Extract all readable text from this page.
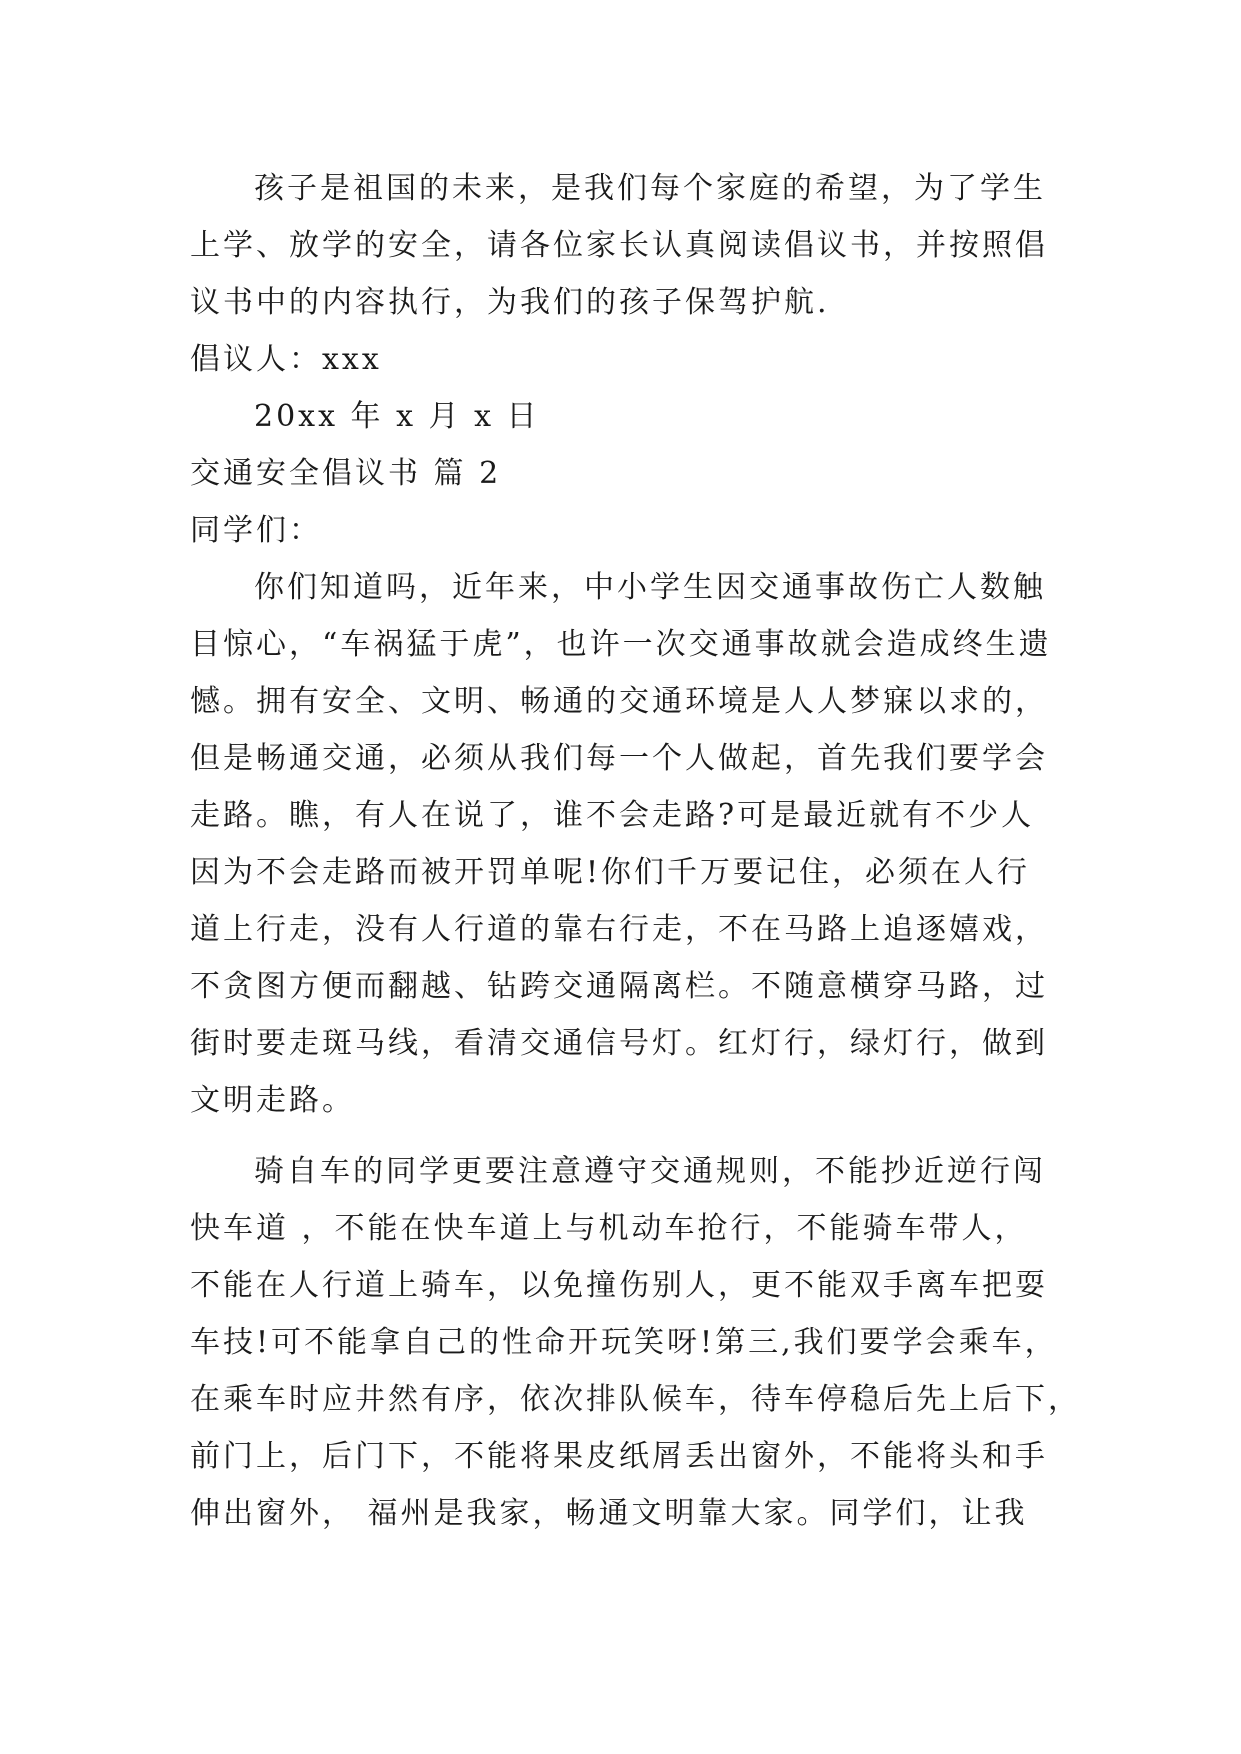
孩子是祖国的未来，是我们每个家庭的希望，为了学生
上学、放学的安全，请各位家长认真阅读倡议书，并按照倡
议书中的内容执行，为我们的孩子保驾护航.
倡议人：xxx
20xx 年 x 月 x 日
交通安全倡议书 篇 2
同学们：
你们知道吗，近年来，中小学生因交通事故伤亡人数触
目惊心，“车祸猛于虎”，也许一次交通事故就会造成终生遗
憾。拥有安全、文明、畅通的交通环境是人人梦寐以求的，
但是畅通交通，必须从我们每一个人做起，首先我们要学会
走路。瞧，有人在说了，谁不会走路?可是最近就有不少人
因为不会走路而被开罚单呢!你们千万要记住，必须在人行
道上行走，没有人行道的靠右行走，不在马路上追逐嬉戏，
不贪图方便而翻越、钻跨交通隔离栏。不随意横穿马路，过
街时要走斑马线，看清交通信号灯。红灯行，绿灯行，做到
文明走路。
骑自车的同学更要注意遵守交通规则，不能抄近逆行闯
快车道 ，不能在快车道上与机动车抢行，不能骑车带人，
不能在人行道上骑车，以免撞伤别人，更不能双手离车把耍
车技!可不能拿自己的性命开玩笑呀!第三,我们要学会乘车，
在乘车时应井然有序，依次排队候车，待车停稳后先上后下，
前门上，后门下，不能将果皮纸屑丢出窗外，不能将头和手
伸出窗外， 福州是我家，畅通文明靠大家。同学们，让我
